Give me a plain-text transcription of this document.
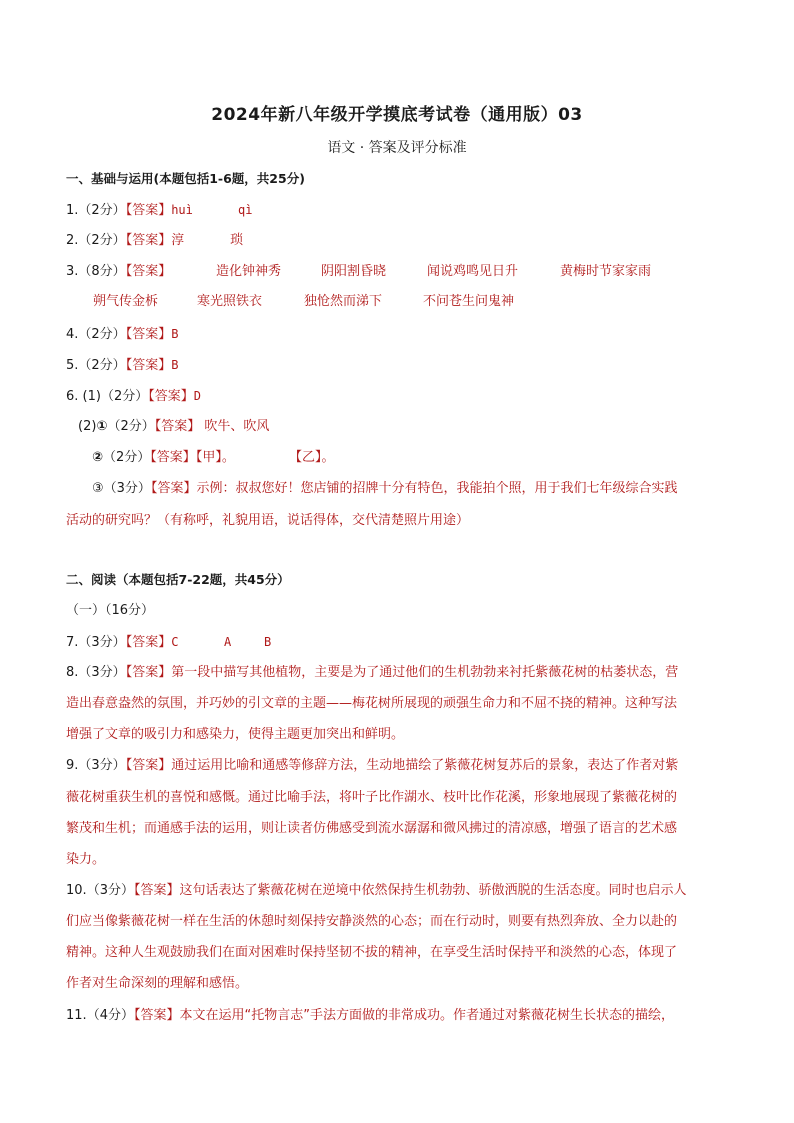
2024年新八年级开学摸底考试卷（通用版）03
语文 · 答案及评分标准
一、基础与运用(本题包括1-6题，共25分)
1.（2分）【答案】huì	qì
2.（2分）【答案】淳	琐
3.（8分）【答案】	造化钟神秀	阴阳割昏晓	闻说鸡鸣见日升	黄梅时节家家雨
朔气传金柝	寒光照铁衣	独怆然而涕下	不问苍生问鬼神
4.（2分）【答案】B
5.（2分）【答案】B
6. (1)（2分）【答案】D
(2)①（2分）【答案】 吹牛、吹风
②（2分）【答案】【甲】。	【乙】。
③（3分）【答案】示例：叔叔您好！您店铺的招牌十分有特色，我能拍个照，用于我们七年级综合实践
活动的研究吗？（有称呼，礼貌用语，说话得体，交代清楚照片用途）
二、阅读（本题包括7-22题，共45分）
（一）（16分）
7.（3分）【答案】C	A	B
8.（3分）【答案】第一段中描写其他植物，主要是为了通过他们的生机勃勃来衬托紫薇花树的枯萎状态，营
造出春意盎然的氛围，并巧妙的引文章的主题——梅花树所展现的顽强生命力和不屈不挠的精神。这种写法
增强了文章的吸引力和感染力，使得主题更加突出和鲜明。
9.（3分）【答案】通过运用比喻和通感等修辞方法，生动地描绘了紫薇花树复苏后的景象，表达了作者对紫
薇花树重获生机的喜悦和感慨。通过比喻手法，将叶子比作湖水、枝叶比作花溪，形象地展现了紫薇花树的
繁茂和生机；而通感手法的运用，则让读者仿佛感受到流水潺潺和微风拂过的清凉感，增强了语言的艺术感
染力。
10.（3分）【答案】这句话表达了紫薇花树在逆境中依然保持生机勃勃、骄傲洒脱的生活态度。同时也启示人
们应当像紫薇花树一样在生活的休憩时刻保持安静淡然的心态；而在行动时，则要有热烈奔放、全力以赴的
精神。这种人生观鼓励我们在面对困难时保持坚韧不拔的精神，在享受生活时保持平和淡然的心态，体现了
作者对生命深刻的理解和感悟。
11.（4分）【答案】本文在运用“托物言志”手法方面做的非常成功。作者通过对紫薇花树生长状态的描绘，
